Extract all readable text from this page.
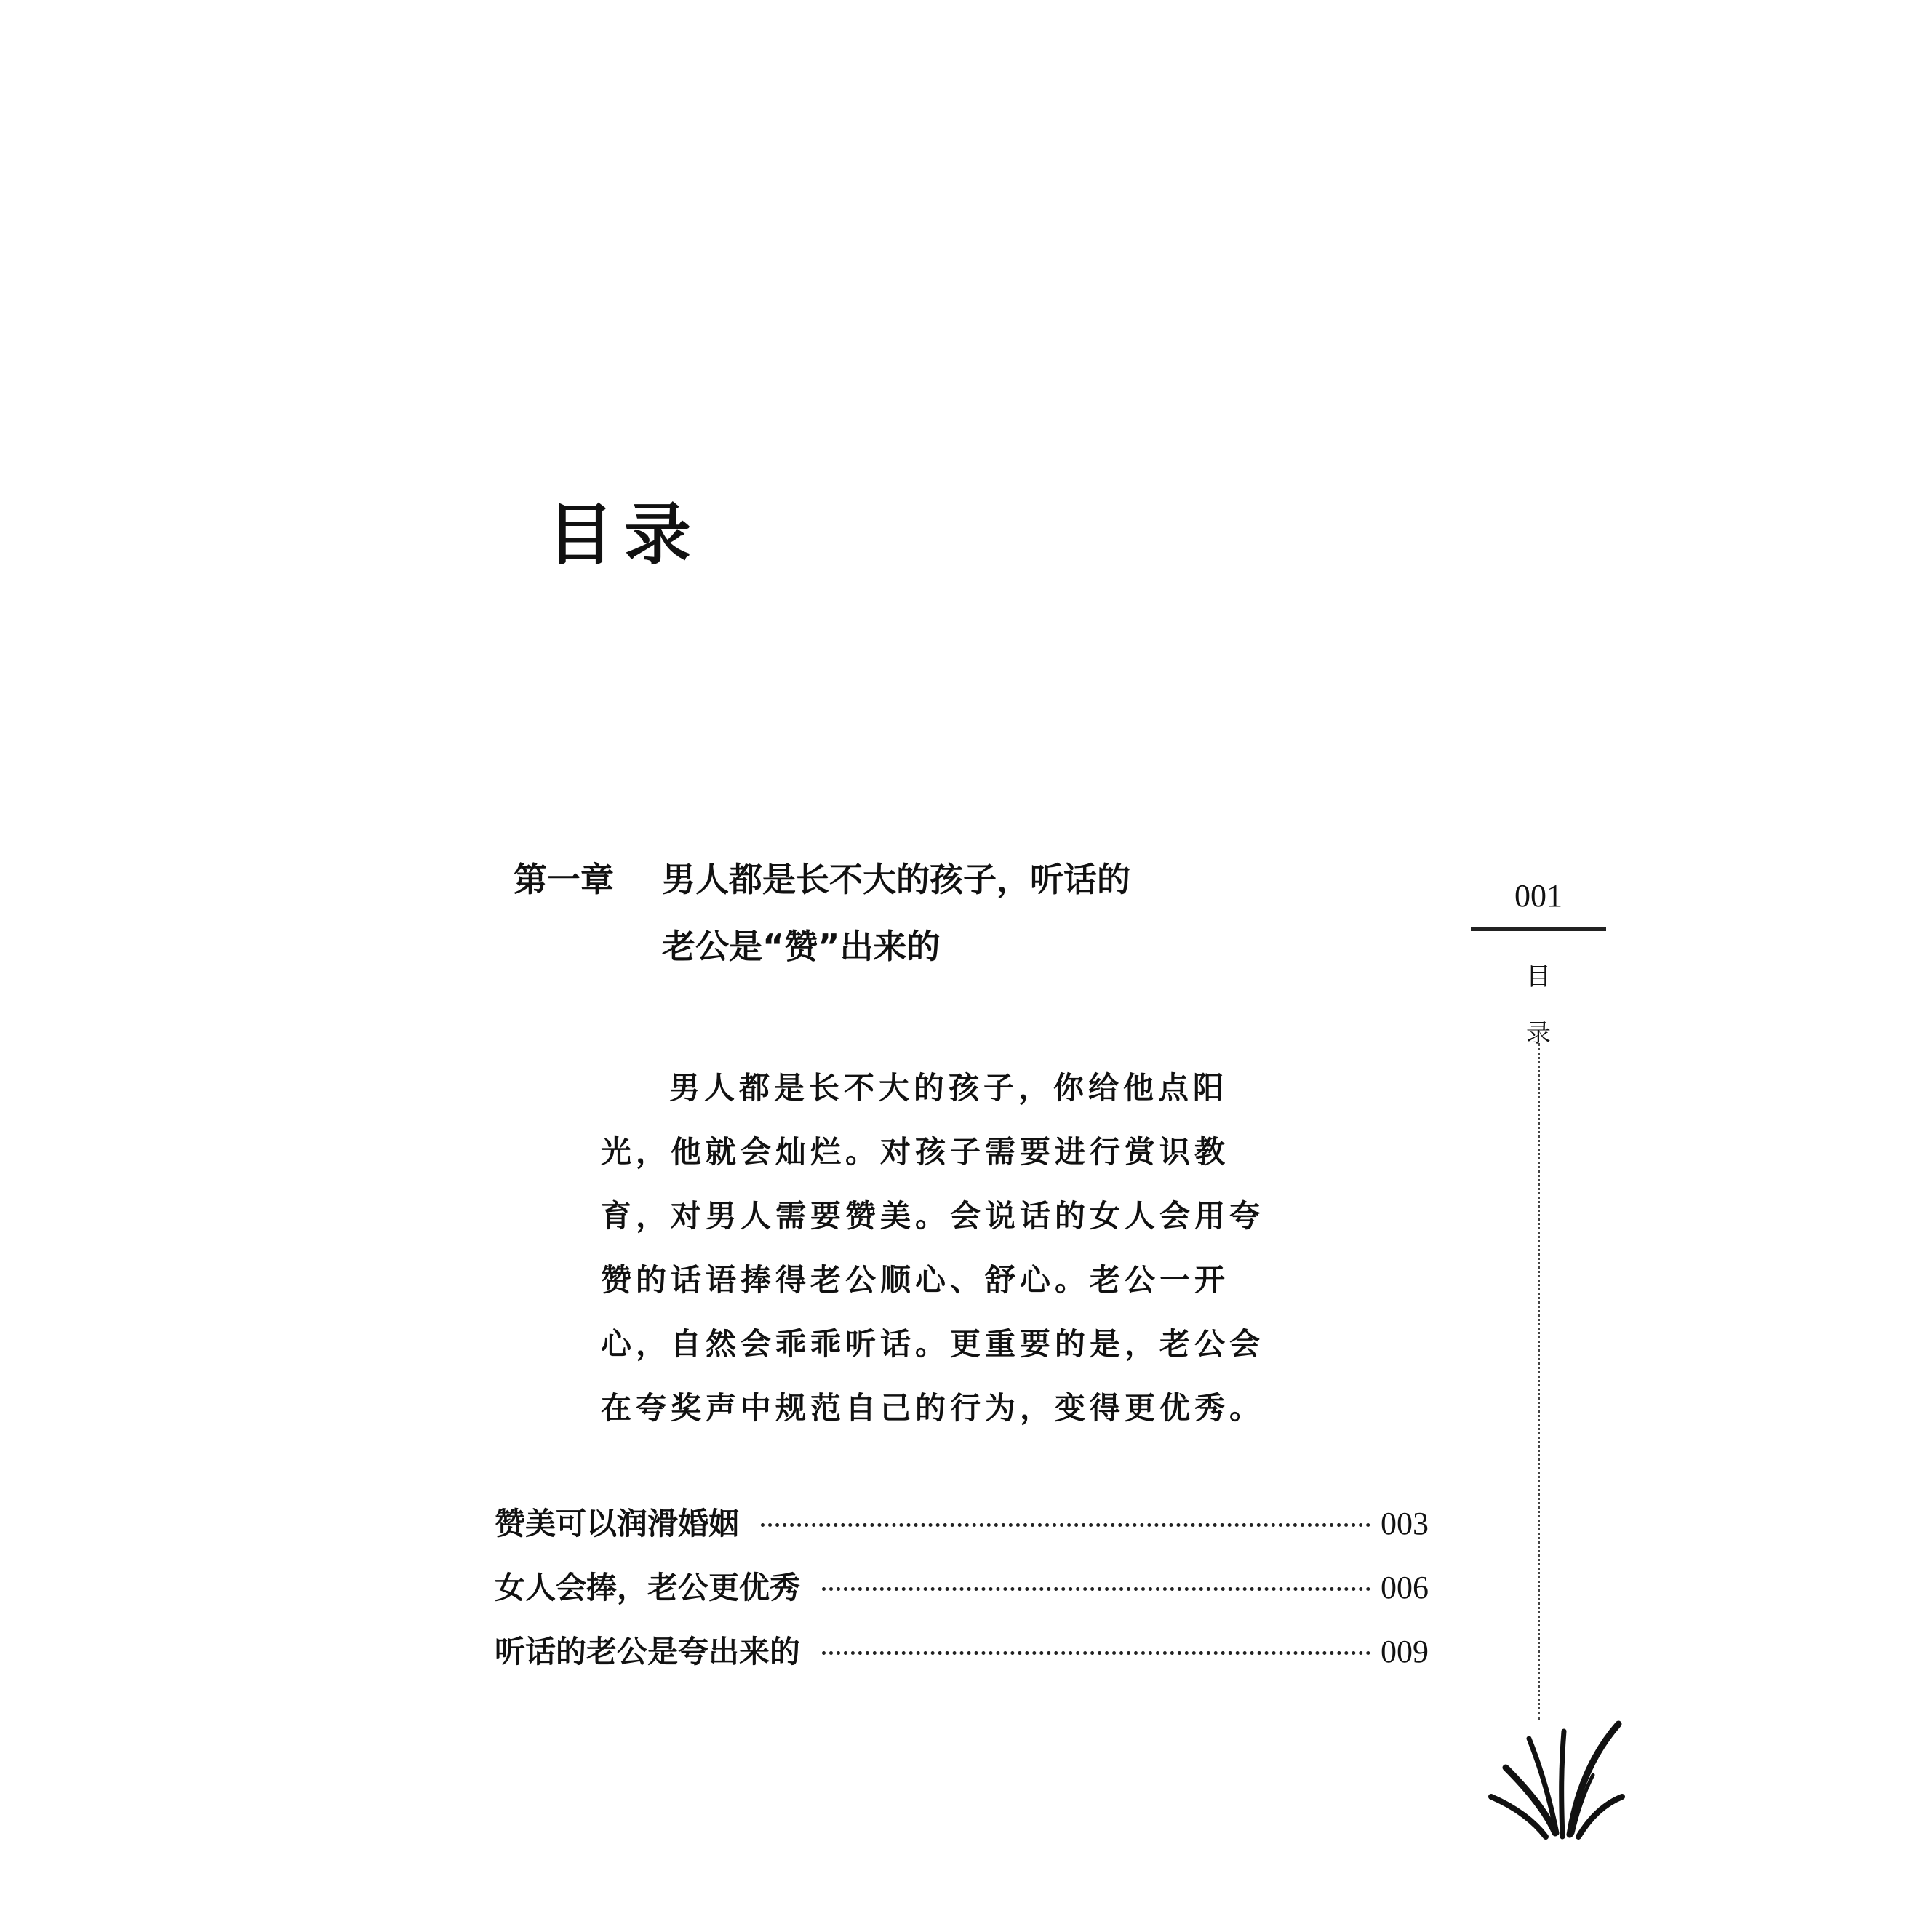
目录
第一章 男人都是长不大的孩子，听话的
老公是“赞”出来的
男人都是长不大的孩子，你给他点阳
光，他就会灿烂。对孩子需要进行赏识教
育，对男人需要赞美。会说话的女人会用夸
赞的话语捧得老公顺心、舒心。老公一开
心，自然会乖乖听话。更重要的是，老公会
在夸奖声中规范自己的行为，变得更优秀。
赞美可以润滑婚姻	003
女人会捧，老公更优秀	006
听话的老公是夸出来的	009
001
目
录
